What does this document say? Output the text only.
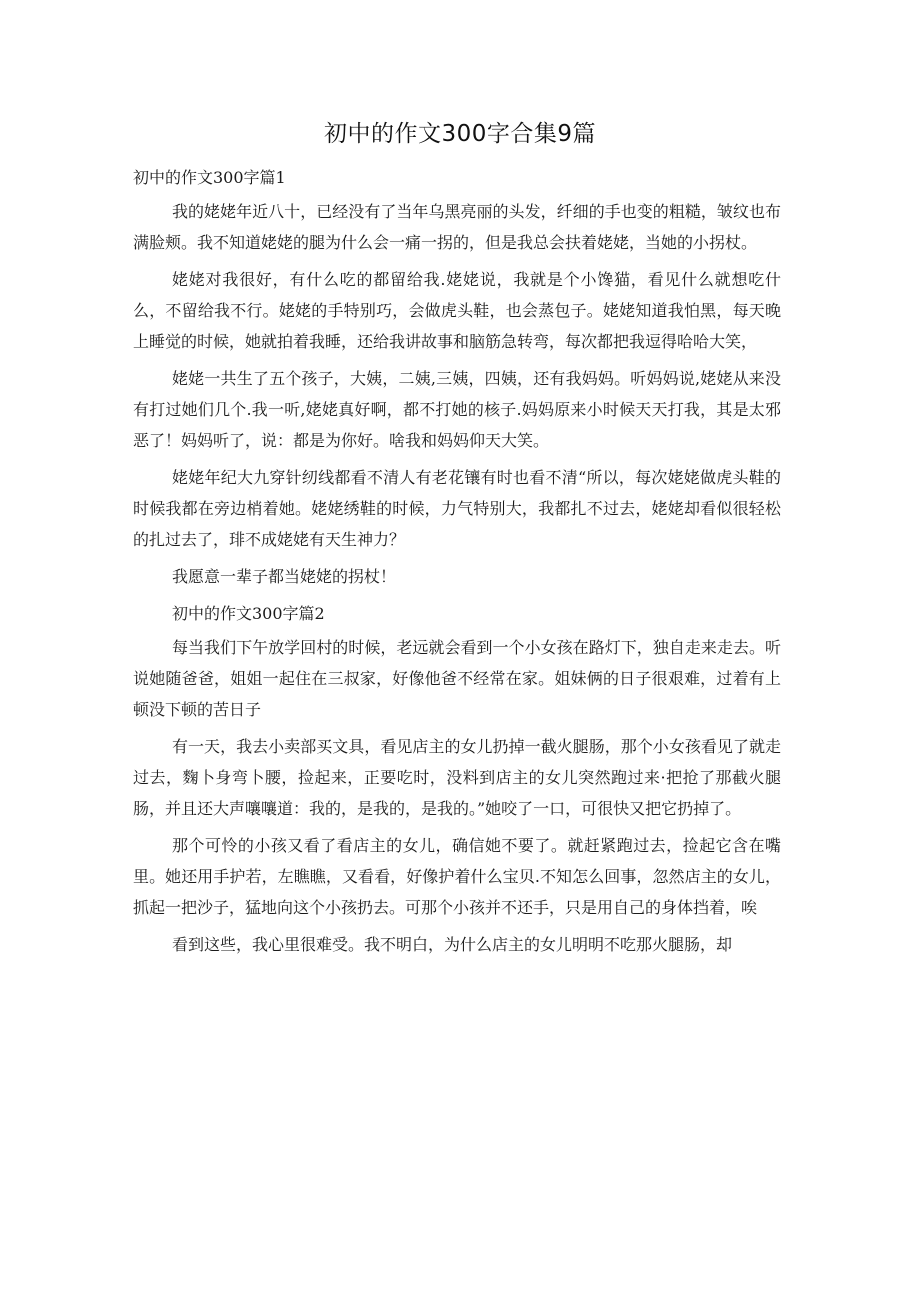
初中的作文300字合集9篇

初中的作文300字篇1

我的姥姥年近八十，已经没有了当年乌黑亮丽的头发，纤细的手也变的粗糙，皱纹也布满脸颊。我不知道姥姥的腿为什么会一痛一拐的，但是我总会扶着姥姥，当她的小拐杖。

姥姥对我很好，有什么吃的都留给我.姥姥说，我就是个小馋猫，看见什么就想吃什么，不留给我不行。姥姥的手特别巧，会做虎头鞋，也会蒸包子。姥姥知道我怕黑，每天晚上睡觉的时候，她就拍着我睡，还给我讲故事和脑筋急转弯，每次都把我逗得哈哈大笑，

姥姥一共生了五个孩子，大姨，二姨,三姨，四姨，还有我妈妈。听妈妈说,姥姥从来没有打过她们几个.我一听,姥姥真好啊，都不打她的核子.妈妈原来小时候天天打我，其是太邪恶了！妈妈听了，说：都是为你好。啥我和妈妈仰天大笑。

姥姥年纪大九穿针纫线都看不清人有老花镶有时也看不清“所以，每次姥姥做虎头鞋的时候我都在旁边梢着她。姥姥绣鞋的时候，力气特别大，我都扎不过去，姥姥却看似很轻松的扎过去了，琲不成姥姥有天生神力？

我愿意一辈子都当姥姥的拐杖！

初中的作文300字篇2

每当我们下午放学回村的时候，老远就会看到一个小女孩在路灯下，独自走来走去。听说她随爸爸，姐姐一起住在三叔家，好像他爸不经常在家。姐妹俩的日子很艰难，过着有上顿没下顿的苦日子

有一天，我去小卖部买文具，看见店主的女儿扔掉一截火腿肠，那个小女孩看见了就走过去，麴卜身弯卜腰，捡起来，正要吃时，没料到店主的女儿突然跑过来·把抢了那截火腿肠，并且还大声嚷嚷道：我的，是我的，是我的。”她咬了一口，可很快又把它扔掉了。

那个可怜的小孩又看了看店主的女儿，确信她不要了。就赶紧跑过去，捡起它含在嘴里。她还用手护若，左瞧瞧，又看看，好像护着什么宝贝.不知怎么回事，忽然店主的女儿，抓起一把沙子，猛地向这个小孩扔去。可那个小孩并不还手，只是用自己的身体挡着，唉

看到这些，我心里很难受。我不明白，为什么店主的女儿明明不吃那火腿肠，却
